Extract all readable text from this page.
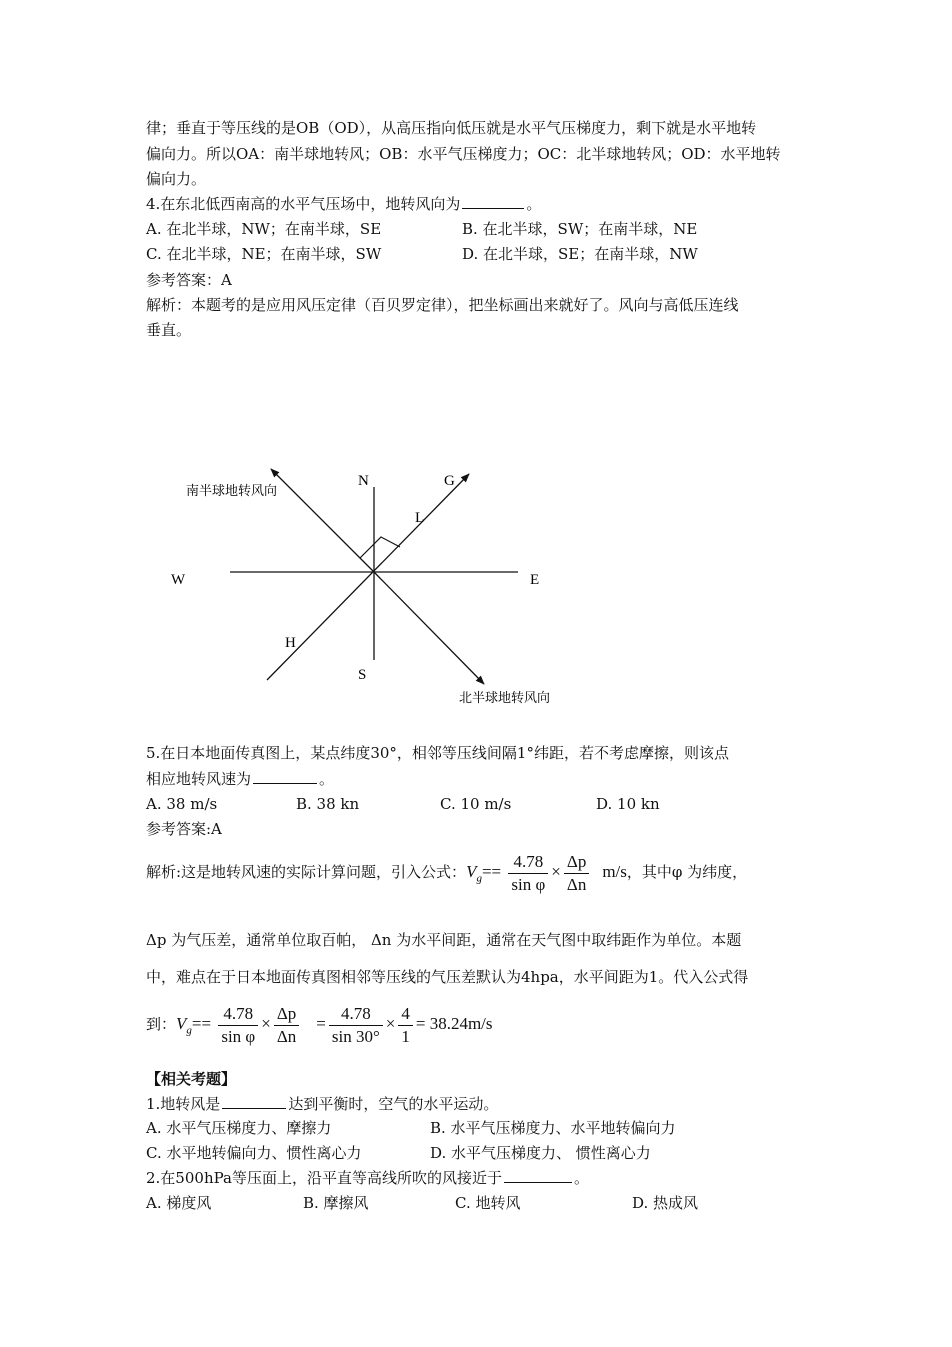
律；垂直于等压线的是OB（OD），从高压指向低压就是水平气压梯度力，剩下就是水平地转
偏向力。所以OA：南半球地转风；OB：水平气压梯度力；OC：北半球地转风；OD：水平地转
偏向力。
4.在东北低西南高的水平气压场中，地转风向为	。
A. 在北半球，NW；在南半球，SE	B. 在北半球，SW；在南半球，NE
C. 在北半球，NE；在南半球，SW	D. 在北半球，SE；在南半球，NW
参考答案：A
解析：本题考的是应用风压定律（百贝罗定律），把坐标画出来就好了。风向与高低压连线
垂直。
南半球地转风向
N	G
L
W	E
H
S
北半球地转风向
5.在日本地面传真图上，某点纬度30°，相邻等压线间隔1°纬距，若不考虑摩擦，则该点
相应地转风速为	。
A. 38 m/s	B. 38 kn	C. 10 m/s	D. 10 kn
参考答案:A
解析:这是地转风速的实际计算问题，引入公式：$V_g== \frac{4.78}{\text{sin φ}} \times \frac{\Delta p}{\Delta n} m/s$，其中φ 为纬度，
Δp 为气压差，通常单位取百帕， Δn 为水平间距，通常在天气图中取纬距作为单位。本题
中，难点在于日本地面传真图相邻等压线的气压差默认为4hpa，水平间距为1。代入公式得
到：$V_g== \frac{4.78}{\text{sin φ}} \times \frac{\Delta p}{\Delta n} = \frac{4.78}{\sin 30^\circ} \times \frac{4}{1} = 38.24m/s$
【相关考题】
1.地转风是	达到平衡时，空气的水平运动。
A. 水平气压梯度力、摩擦力	B. 水平气压梯度力、水平地转偏向力
C. 水平地转偏向力、惯性离心力	D. 水平气压梯度力、 惯性离心力
2.在500hPa等压面上，沿平直等高线所吹的风接近于	。
A. 梯度风	B. 摩擦风	C. 地转风	D. 热成风
